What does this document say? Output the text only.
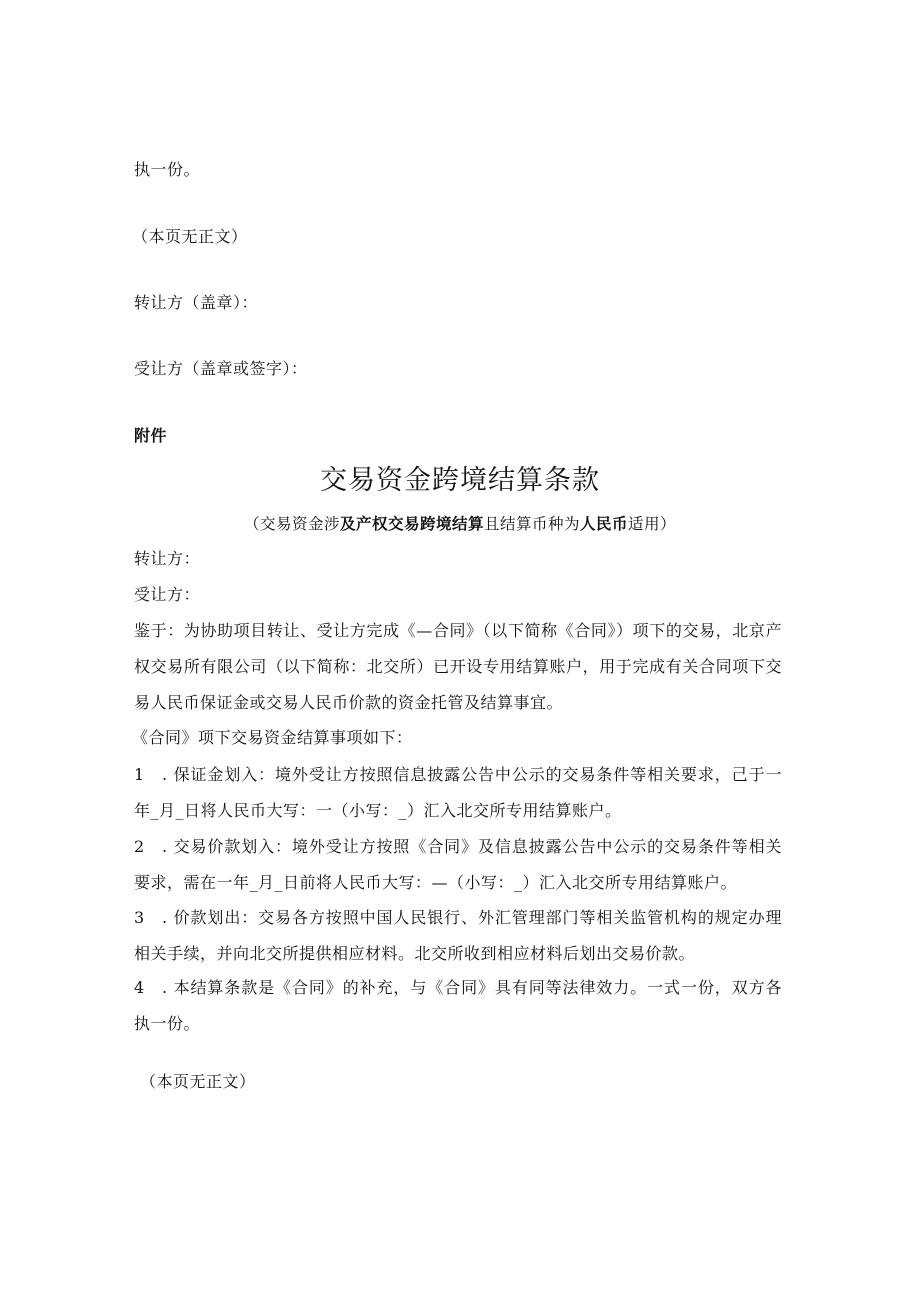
执一份。
（本页无正文）
转让方（盖章）：
受让方（盖章或签字）：
附件
交易资金跨境结算条款
（交易资金涉及产权交易跨境结算且结算币种为人民币适用）
转让方：
受让方：
鉴于：为协助项目转让、受让方完成《—合同》（以下简称《合同》）项下的交易，北京产权交易所有限公司（以下简称：北交所）已开设专用结算账户，用于完成有关合同项下交易人民币保证金或交易人民币价款的资金托管及结算事宜。
《合同》项下交易资金结算事项如下：
1　. 保证金划入：境外受让方按照信息披露公告中公示的交易条件等相关要求，己于一年_月_日将人民币大写：一（小写：_）汇入北交所专用结算账户。
2　. 交易价款划入：境外受让方按照《合同》及信息披露公告中公示的交易条件等相关要求，需在一年_月_日前将人民币大写：—（小写：_）汇入北交所专用结算账户。
3　. 价款划出：交易各方按照中国人民银行、外汇管理部门等相关监管机构的规定办理相关手续，并向北交所提供相应材料。北交所收到相应材料后划出交易价款。
4　. 本结算条款是《合同》的补充，与《合同》具有同等法律效力。一式一份，双方各执一份。
（本页无正文）
